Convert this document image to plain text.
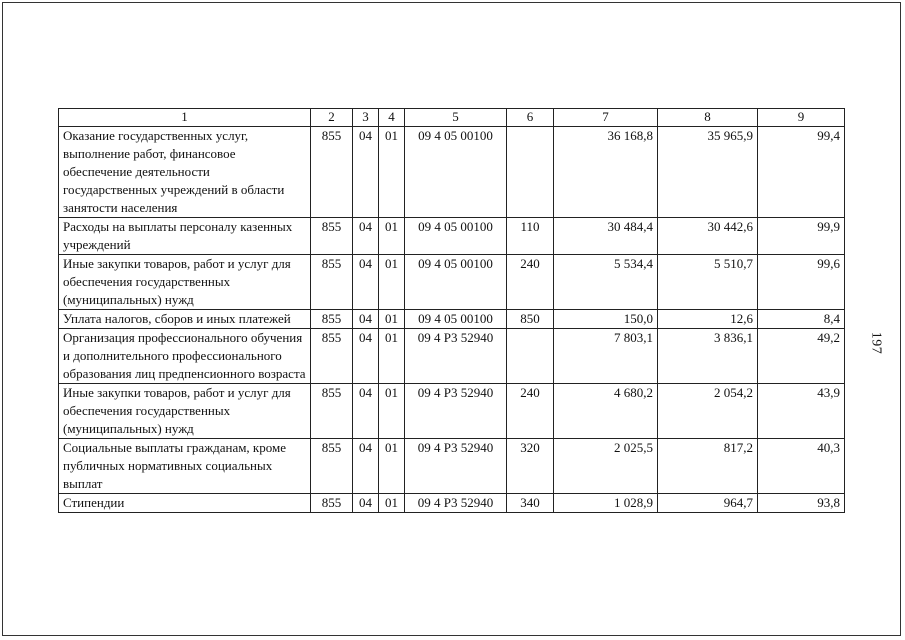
197
1	2	3	4	5	6	7	8	9
Оказание государственных услуг, выполнение работ, финансовое обеспечение деятельности государственных учреждений в области занятости населения	855	04	01	09 4 05 00100		36 168,8	35 965,9	99,4
Расходы на выплаты персоналу казенных учреждений	855	04	01	09 4 05 00100	110	30 484,4	30 442,6	99,9
Иные закупки товаров, работ и услуг для обеспечения государственных (муниципальных) нужд	855	04	01	09 4 05 00100	240	5 534,4	5 510,7	99,6
Уплата налогов, сборов и иных платежей	855	04	01	09 4 05 00100	850	150,0	12,6	8,4
Организация профессионального обучения и дополнительного профессионального образования лиц предпенсионного возраста	855	04	01	09 4 P3 52940		7 803,1	3 836,1	49,2
Иные закупки товаров, работ и услуг для обеспечения государственных (муниципальных) нужд	855	04	01	09 4 P3 52940	240	4 680,2	2 054,2	43,9
Социальные выплаты гражданам, кроме публичных нормативных социальных выплат	855	04	01	09 4 P3 52940	320	2 025,5	817,2	40,3
Стипендии	855	04	01	09 4 P3 52940	340	1 028,9	964,7	93,8
